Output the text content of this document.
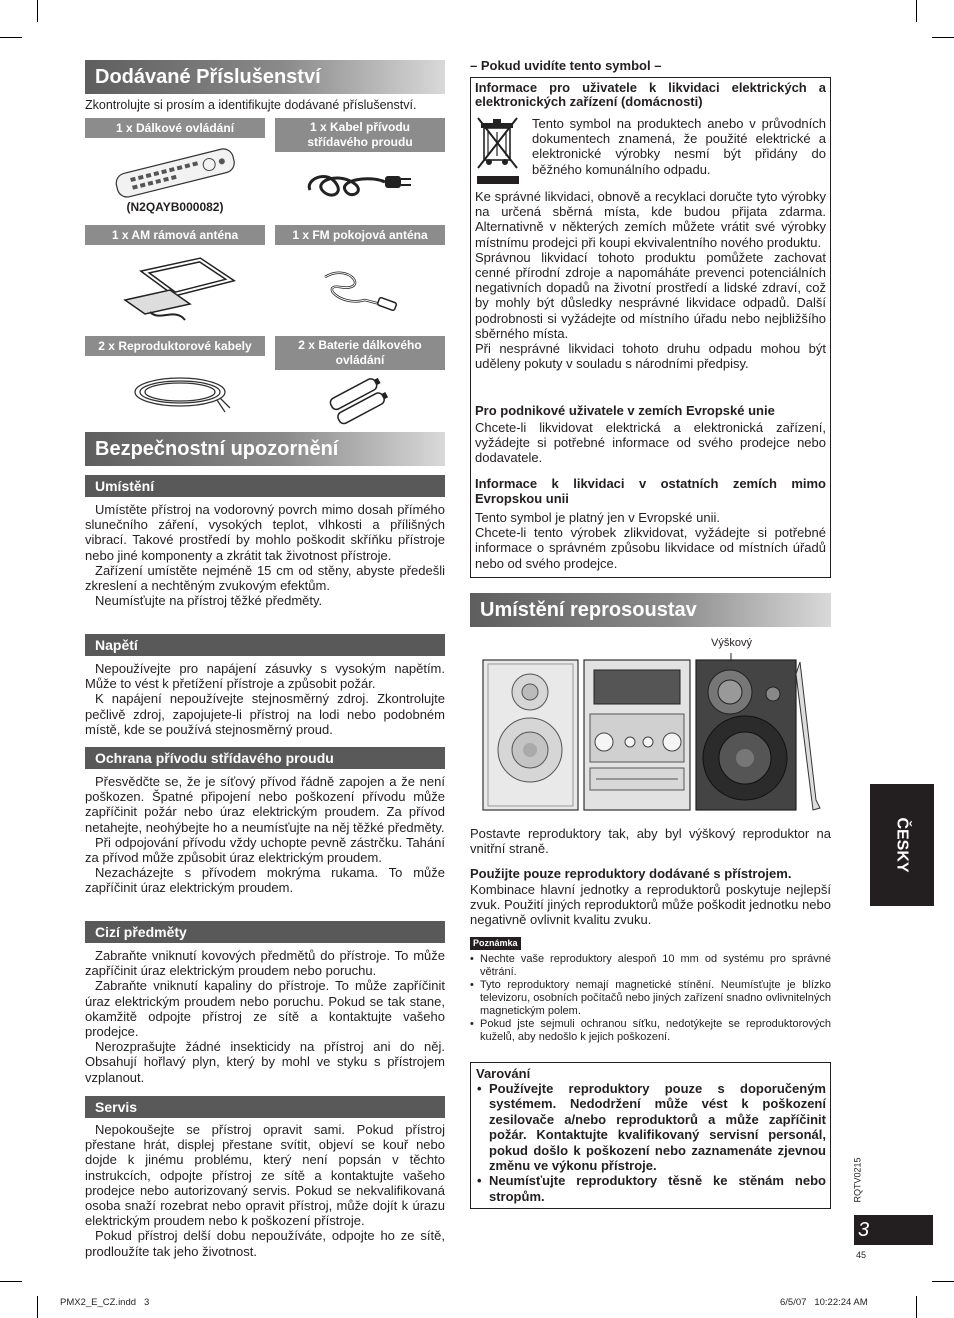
Dodávané Příslušenství
Zkontrolujte si prosím a identifikujte dodávané příslušenství.
1 x Dálkové ovládání	1 x Kabel přívodu střídavého proudu
(N2QAYB000082)
1 x AM rámová anténa	1 x FM pokojová anténa
2 x Reproduktorové kabely	2 x Baterie dálkového ovládání
Bezpečnostní upozornění
Umístění

Umístěte přístroj na vodorovný povrch mimo dosah přímého slunečního záření, vysokých teplot, vlhkosti a přílišných vibrací. Takové prostředí by mohlo poškodit skříňku přístroje nebo jiné komponenty a zkrátit tak životnost přístroje.

Zařízení umístěte nejméně 15 cm od stěny, abyste předešli zkreslení a nechtěným zvukovým efektům.

Neumísťujte na přístroj těžké předměty.

Napětí

Nepoužívejte pro napájení zásuvky s vysokým napětím. Může to vést k přetížení přístroje a způsobit požár.

K napájení nepoužívejte stejnosměrný zdroj. Zkontrolujte pečlivě zdroj, zapojujete-li přístroj na lodi nebo podobném místě, kde se používá stejnosměrný proud.

Ochrana přívodu střídavého proudu

Přesvědčte se, že je síťový přívod řádně zapojen a že není poškozen. Špatné připojení nebo poškození přívodu může zapříčinit požár nebo úraz elektrickým proudem. Za přívod netahejte, neohýbejte ho a neumísťujte na něj těžké předměty.

Při odpojování přívodu vždy uchopte pevně zástrčku. Tahání za přívod může způsobit úraz elektrickým proudem.

Nezacházejte s přívodem mokrýma rukama. To může zapříčinit úraz elektrickým proudem.

Cizí předměty

Zabraňte vniknutí kovových předmětů do přístroje. To může zapříčinit úraz elektrickým proudem nebo poruchu.

Zabraňte vniknutí kapaliny do přístroje. To může zapříčinit úraz elektrickým proudem nebo poruchu. Pokud se tak stane, okamžitě odpojte přístroj ze sítě a kontaktujte vašeho prodejce.

Nerozprašujte žádné insekticidy na přístroj ani do něj. Obsahují hořlavý plyn, který by mohl ve styku s přístrojem vzplanout.

Servis

Nepokoušejte se přístroj opravit sami. Pokud přístroj přestane hrát, displej přestane svítit, objeví se kouř nebo dojde k jinému problému, který není popsán v těchto instrukcích, odpojte přístroj ze sítě a kontaktujte vašeho prodejce nebo autorizovaný servis. Pokud se nekvalifikovaná osoba snaží rozebrat nebo opravit přístroj, může dojít k úrazu elektrickým proudem nebo k poškození přístroje.

Pokud přístroj delší dobu nepoužíváte, odpojte ho ze sítě, prodloužíte tak jeho životnost.

– Pokud uvidíte tento symbol –
Informace pro uživatele k likvidaci elektrických a elektronických zařízení (domácnosti)
Tento symbol na produktech anebo v průvodních dokumentech znamená, že použité elektrické a elektronické výrobky nesmí být přidány do běžného komunálního odpadu.

Ke správné likvidaci, obnově a recyklaci doručte tyto výrobky na určená sběrná místa, kde budou přijata zdarma. Alternativně v některých zemích můžete vrátit své výrobky místnímu prodejci při koupi ekvivalentního nového produktu.

Správnou likvidací tohoto produktu pomůžete zachovat cenné přírodní zdroje a napomáháte prevenci potenciálních negativních dopadů na životní prostředí a lidské zdraví, což by mohly být důsledky nesprávné likvidace odpadů. Další podrobnosti si vyžádejte od místního úřadu nebo nejbližšího sběrného místa.

Při nesprávné likvidaci tohoto druhu odpadu mohou být uděleny pokuty v souladu s národními předpisy.

Pro podnikové uživatele v zemích Evropské unie
Chcete-li likvidovat elektrická a elektronická zařízení, vyžádejte si potřebné informace od svého prodejce nebo dodavatele.
Informace k likvidaci v ostatních zemích mimo Evropskou unii
Tento symbol je platný jen v Evropské unii.
Chcete-li tento výrobek zlikvidovat, vyžádejte si potřebné informace o správném způsobu likvidace od místních úřadů nebo od svého prodejce.
Umístění reprosoustav
Výškový
Postavte reproduktory tak, aby byl výškový reproduktor na vnitřní straně.
Použijte pouze reproduktory dodávané s přístrojem.
Kombinace hlavní jednotky a reproduktorů poskytuje nejlepší zvuk. Použití jiných reproduktorů může poškodit jednotku nebo negativně ovlivnit kvalitu zvuku.
Poznámka
• Nechte vaše reproduktory alespoň 10 mm od systému pro správné větrání.
• Tyto reproduktory nemají magnetické stínění. Neumísťujte je blízko televizoru, osobních počítačů nebo jiných zařízení snadno ovlivnitelných magnetickým polem.
• Pokud jste sejmuli ochranou síťku, nedotýkejte se reproduktorových kuželů, aby nedošlo k jejich poškození.
Varování
• Používejte reproduktory pouze s doporučeným systémem. Nedodržení může vést k poškození zesilovače a/nebo reproduktorů a může zapříčinit požár. Kontaktujte kvalifikovaný servisní personál, pokud došlo k poškození nebo zaznamenáte zjevnou změnu ve výkonu přístroje.
• Neumísťujte reproduktory těsně ke stěnám nebo stropům.
ČESKY
RQTV0215
3
45
PMX2_E_CZ.indd   3	6/5/07   10:22:24 AM
